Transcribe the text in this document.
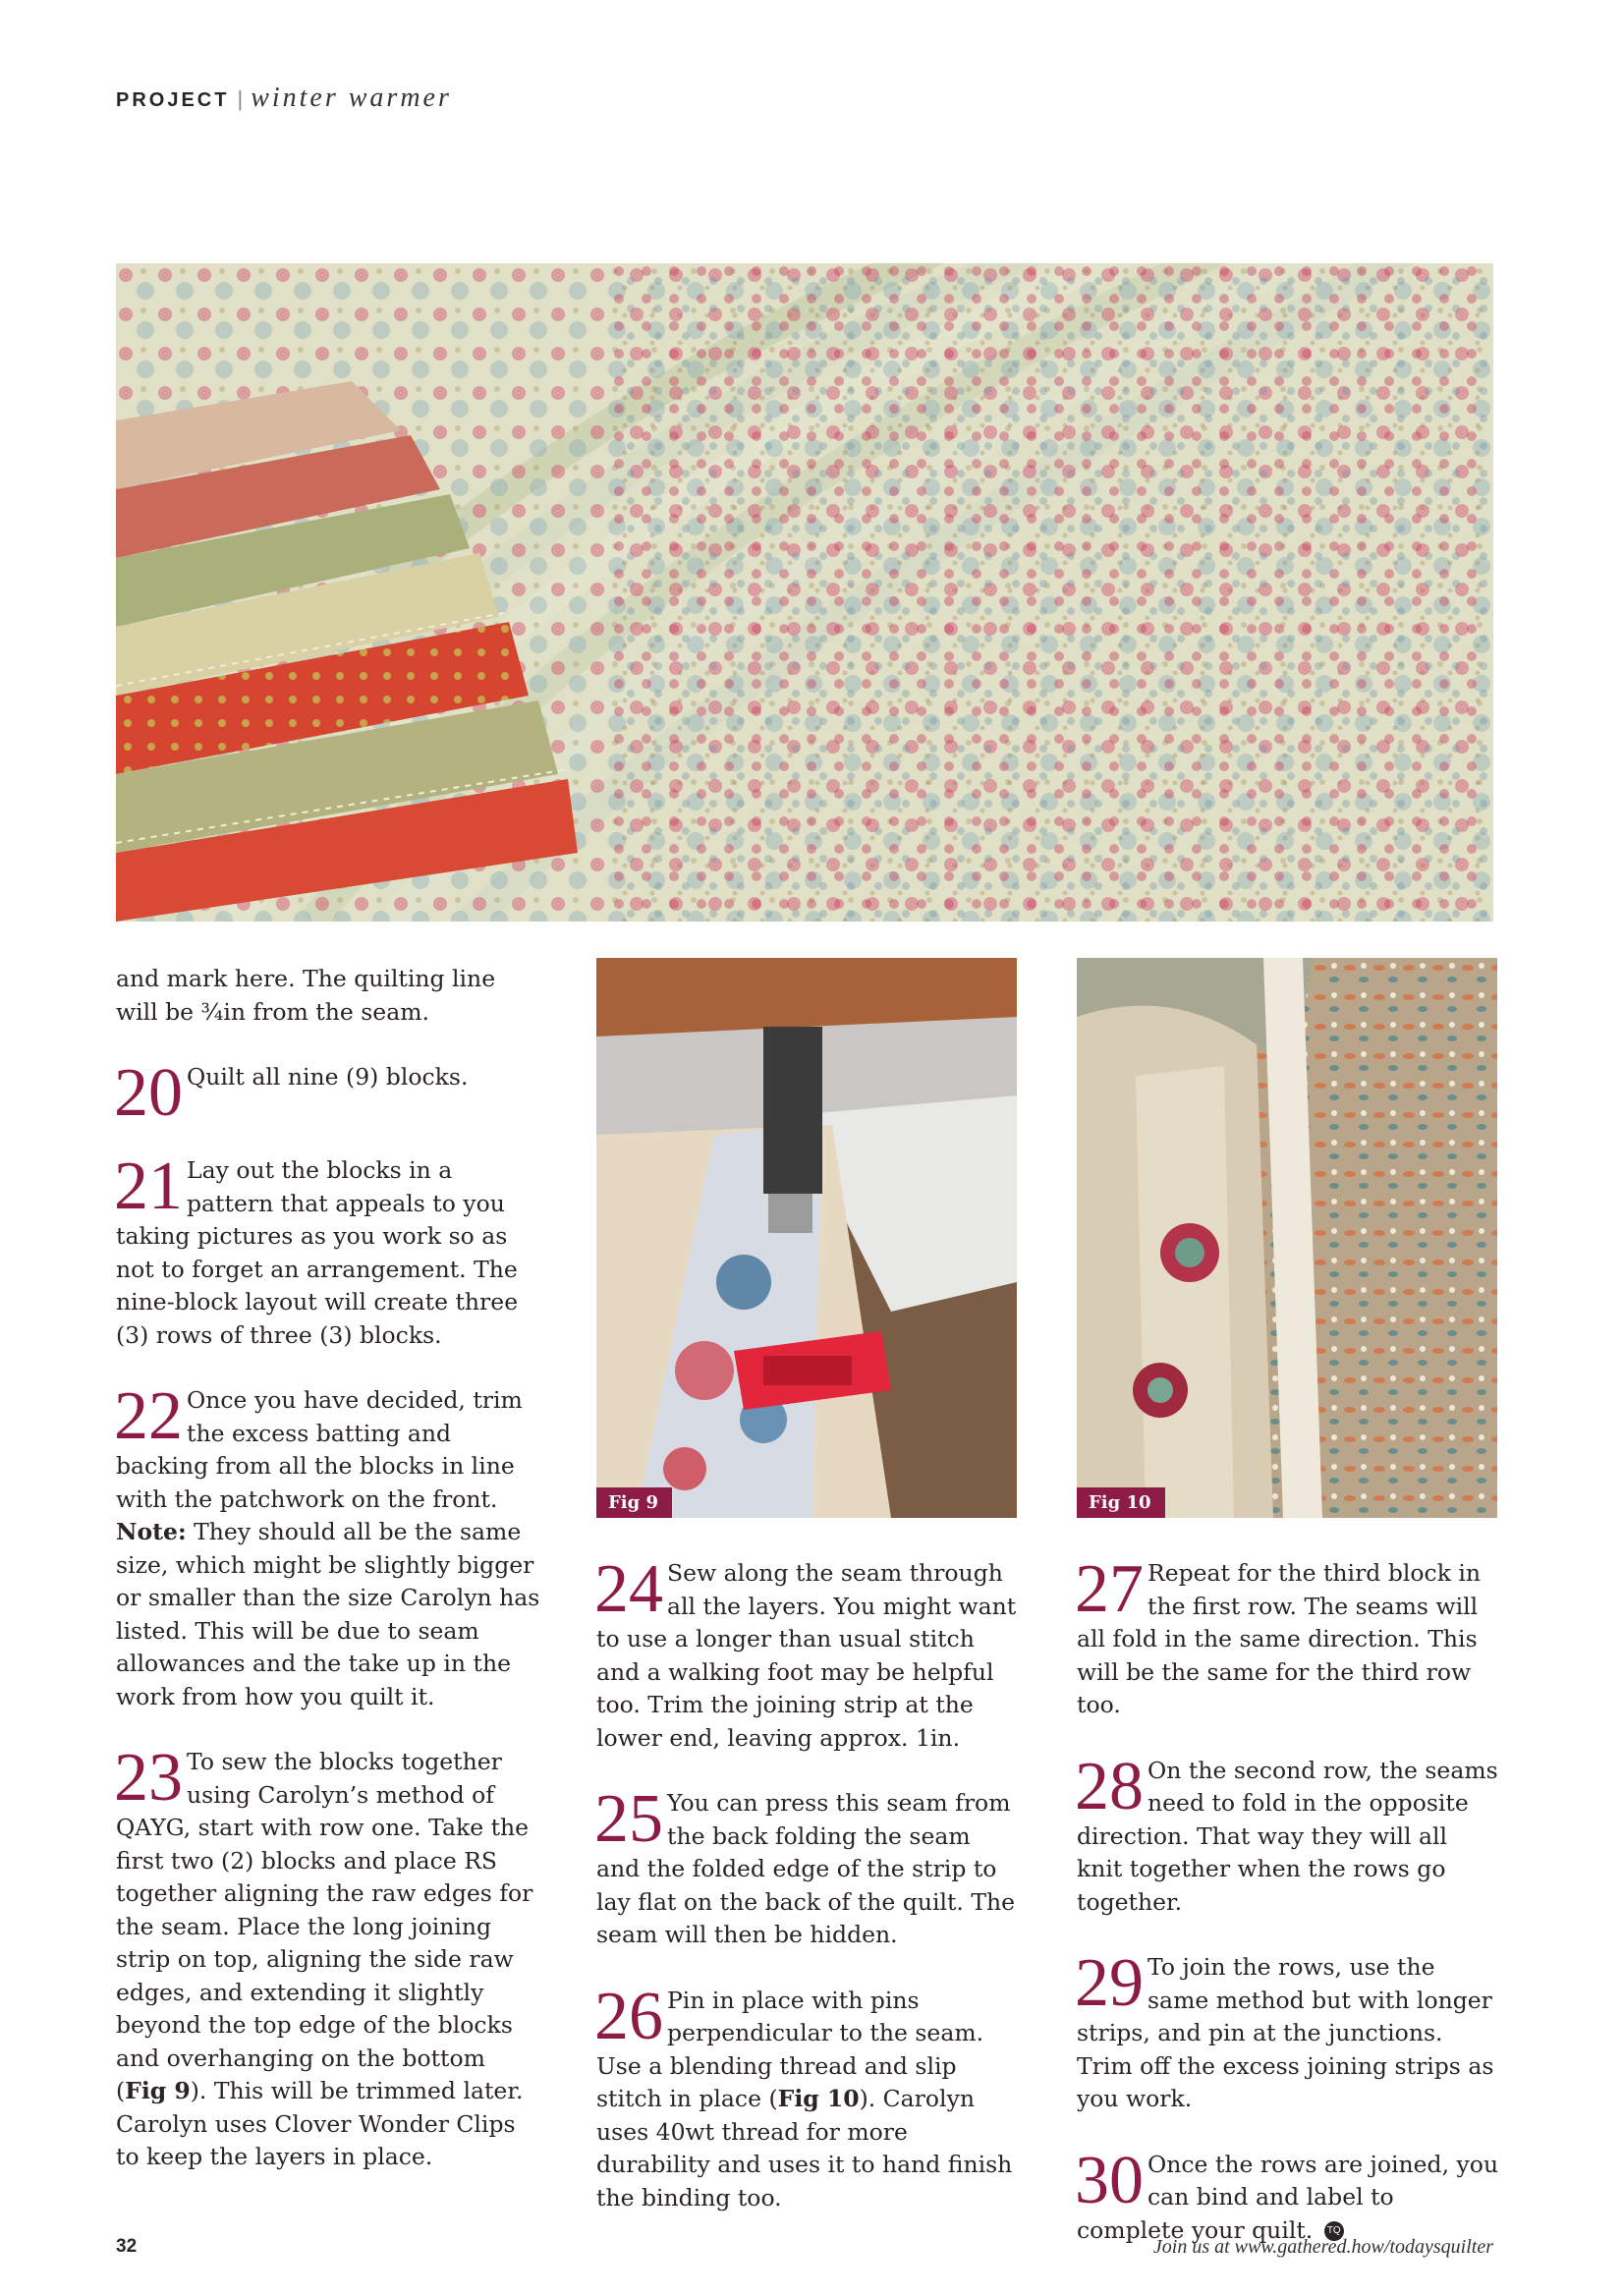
PROJECT | winter warmer
Fig 9	Fig 10

and mark here. The quilting line will be ¾in from the seam.

20 Quilt all nine (9) blocks.
21 Lay out the blocks in a pattern that appeals to you taking pictures as you work so as not to forget an arrangement. The nine-block layout will create three (3) rows of three (3) blocks.
22 Once you have decided, trim the excess batting and backing from all the blocks in line with the patchwork on the front. Note: They should all be the same size, which might be slightly bigger or smaller than the size Carolyn has listed. This will be due to seam allowances and the take up in the work from how you quilt it.
23 To sew the blocks together using Carolyn’s method of QAYG, start with row one. Take the first two (2) blocks and place RS together aligning the raw edges for the seam. Place the long joining strip on top, aligning the side raw edges, and extending it slightly beyond the top edge of the blocks and overhanging on the bottom (Fig 9). This will be trimmed later. Carolyn uses Clover Wonder Clips to keep the layers in place.
24 Sew along the seam through all the layers. You might want to use a longer than usual stitch and a walking foot may be helpful too. Trim the joining strip at the lower end, leaving approx. 1in.
25 You can press this seam from the back folding the seam and the folded edge of the strip to lay flat on the back of the quilt. The seam will then be hidden.
26 Pin in place with pins perpendicular to the seam. Use a blending thread and slip stitch in place (Fig 10). Carolyn uses 40wt thread for more durability and uses it to hand finish the binding too.
27 Repeat for the third block in the first row. The seams will all fold in the same direction. This will be the same for the third row too.
28 On the second row, the seams need to fold in the opposite direction. That way they will all knit together when the rows go together.
29 To join the rows, use the same method but with longer strips, and pin at the junctions. Trim off the excess joining strips as you work.
30 Once the rows are joined, you can bind and label to complete your quilt. TQ
32	Join us at www.gathered.how/todaysquilter
